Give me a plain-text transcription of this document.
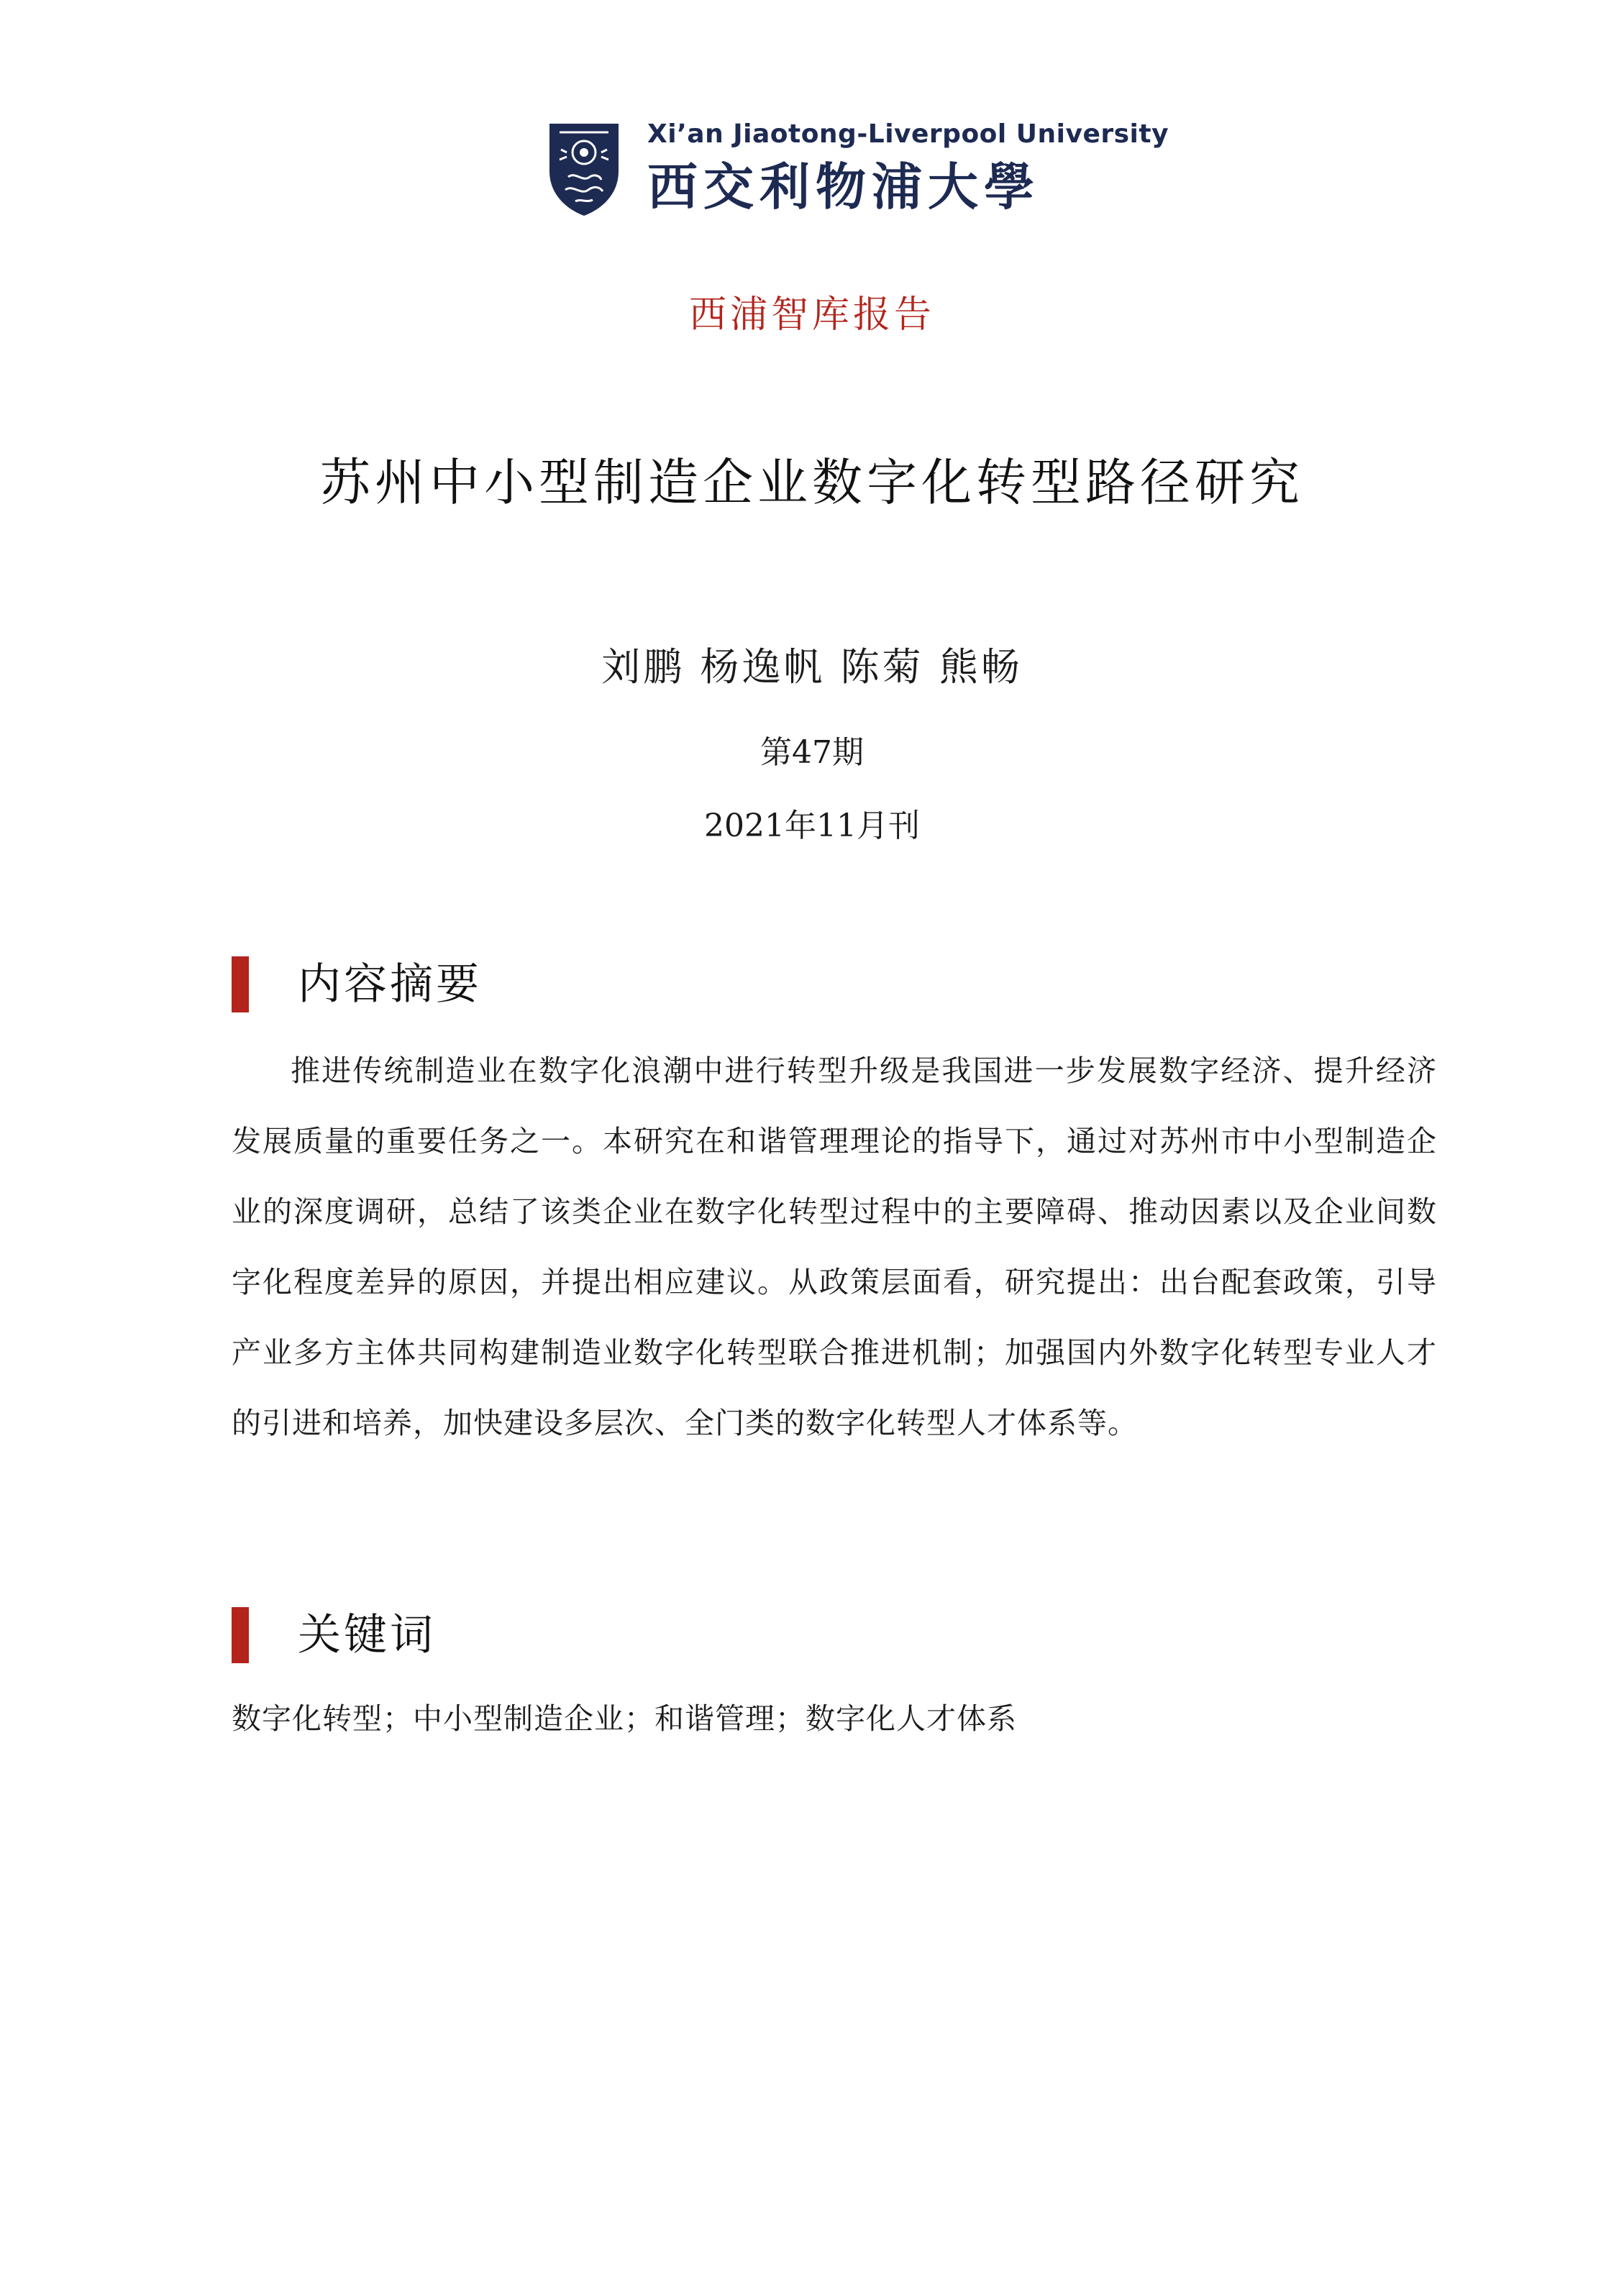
Xi’an Jiaotong-Liverpool University
西交利物浦大學
西浦智库报告
苏州中小型制造企业数字化转型路径研究
刘鹏 杨逸帆 陈菊 熊畅
第47期
2021年11月刊
内容摘要

推进传统制造业在数字化浪潮中进行转型升级是我国进一步发展数字经济、提升经济发展质量的重要任务之一。本研究在和谐管理理论的指导下，通过对苏州市中小型制造企业的深度调研，总结了该类企业在数字化转型过程中的主要障碍、推动因素以及企业间数字化程度差异的原因，并提出相应建议。从政策层面看，研究提出：出台配套政策，引导产业多方主体共同构建制造业数字化转型联合推进机制；加强国内外数字化转型专业人才的引进和培养，加快建设多层次、全门类的数字化转型人才体系等。

关键词
数字化转型；中小型制造企业；和谐管理；数字化人才体系
